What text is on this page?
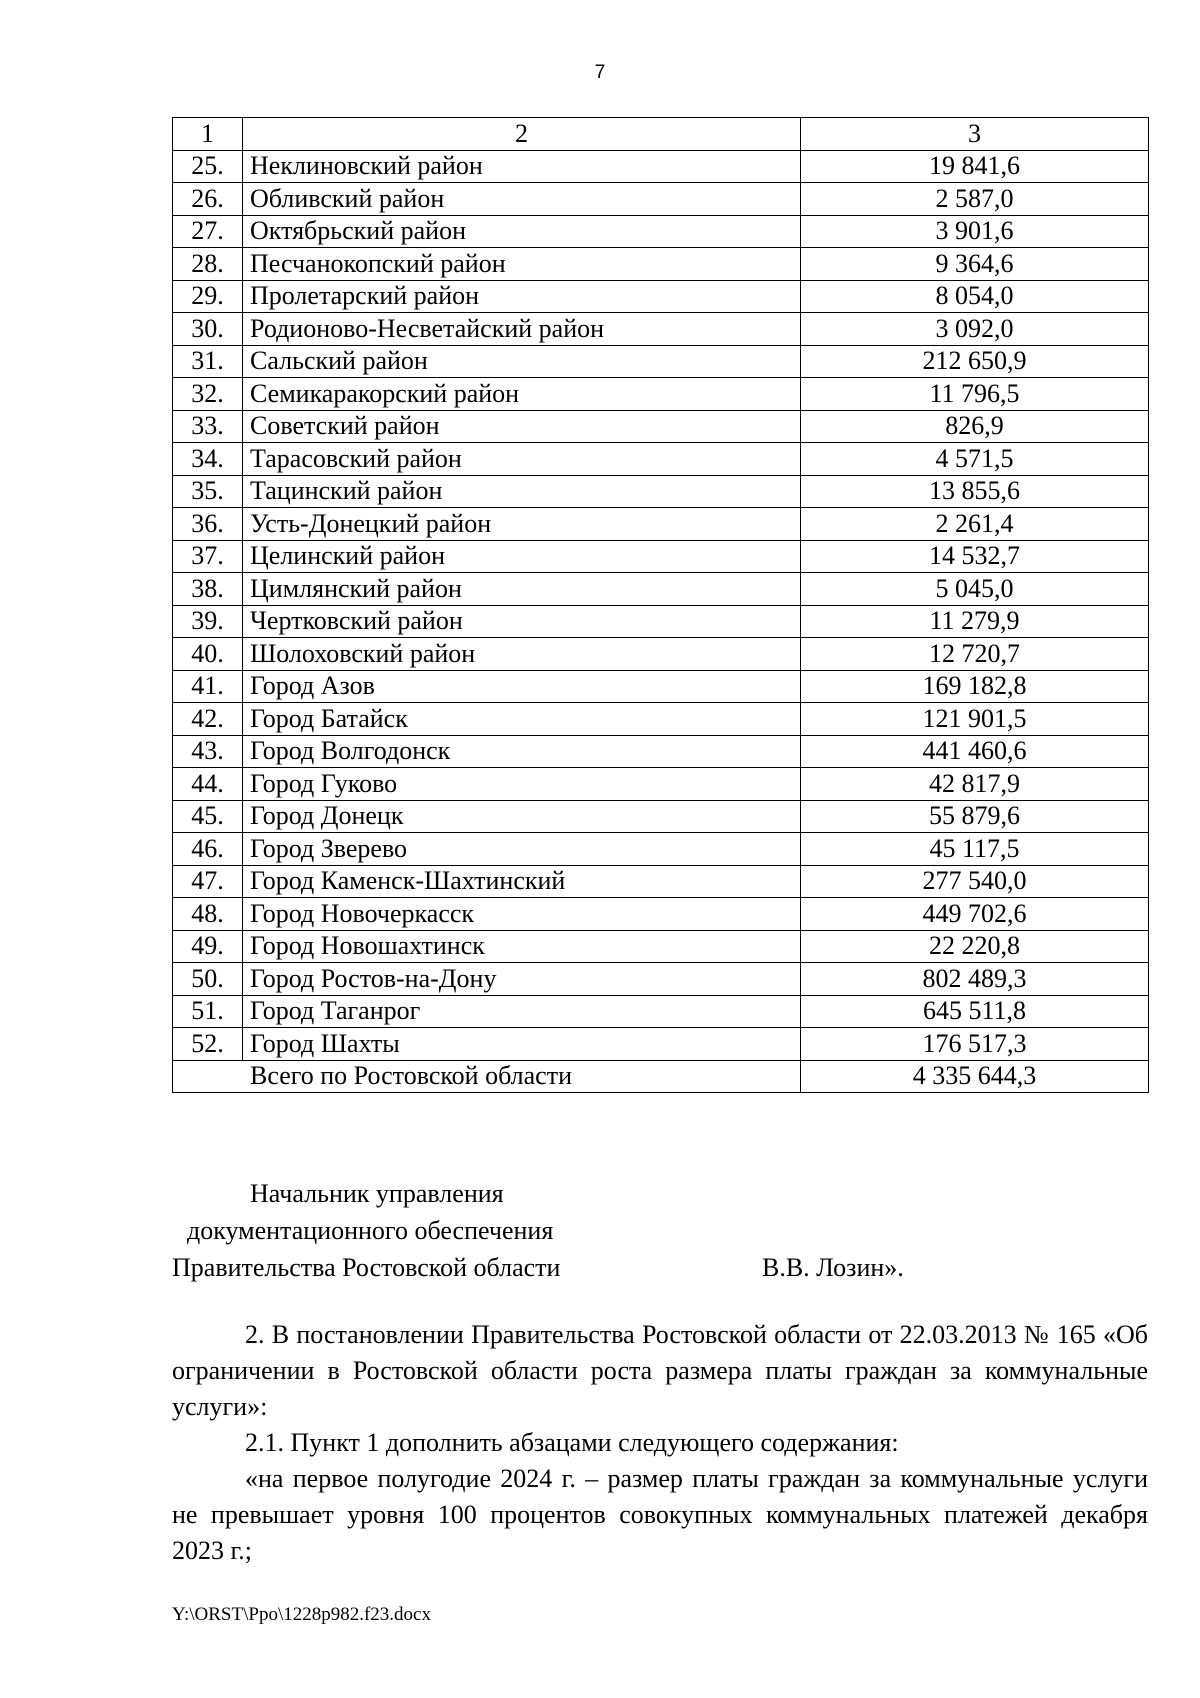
7
1	2	3
25.	Неклиновский район	19 841,6
26.	Обливский район	2 587,0
27.	Октябрьский район	3 901,6
28.	Песчанокопский район	9 364,6
29.	Пролетарский район	8 054,0
30.	Родионово-Несветайский район	3 092,0
31.	Сальский район	212 650,9
32.	Семикаракорский район	11 796,5
33.	Советский район	826,9
34.	Тарасовский район	4 571,5
35.	Тацинский район	13 855,6
36.	Усть-Донецкий район	2 261,4
37.	Целинский район	14 532,7
38.	Цимлянский район	5 045,0
39.	Чертковский район	11 279,9
40.	Шолоховский район	12 720,7
41.	Город Азов	169 182,8
42.	Город Батайск	121 901,5
43.	Город Волгодонск	441 460,6
44.	Город Гуково	42 817,9
45.	Город Донецк	55 879,6
46.	Город Зверево	45 117,5
47.	Город Каменск-Шахтинский	277 540,0
48.	Город Новочеркасск	449 702,6
49.	Город Новошахтинск	22 220,8
50.	Город Ростов-на-Дону	802 489,3
51.	Город Таганрог	645 511,8
52.	Город Шахты	176 517,3
Всего по Ростовской области		4 335 644,3
Начальник управления
документационного обеспечения
Правительства Ростовской области	В.В. Лозин».

2. В постановлении Правительства Ростовской области от 22.03.2013 № 165 «Об ограничении в Ростовской области роста размера платы граждан за коммунальные услуги»:

2.1. Пункт 1 дополнить абзацами следующего содержания:

«на первое полугодие 2024 г. – размер платы граждан за коммунальные услуги не превышает уровня 100 процентов совокупных коммунальных платежей декабря 2023 г.;

Y:\ORST\Ppo\1228p982.f23.docx
